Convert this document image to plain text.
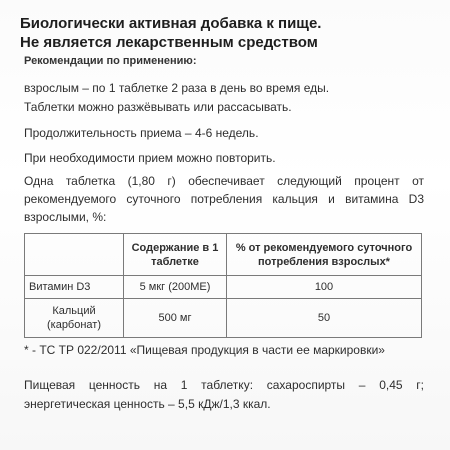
Биологически активная добавка к пище.
Не является лекарственным средством
Рекомендации по применению:
взрослым – по 1 таблетке 2 раза в день во время еды.
Таблетки можно разжёвывать или рассасывать.
Продолжительность приема – 4-6 недель.
При необходимости прием можно повторить.
Одна таблетка (1,80 г) обеспечивает следующий процент от рекомендуемого суточного потребления кальция и витамина D3 взрослыми, %:
	Содержание в 1 таблетке	% от рекомендуемого суточного потребления взрослых*
Витамин D3	5 мкг (200МЕ)	100
Кальций (карбонат)	500 мг	50
* - ТС ТР 022/2011 «Пищевая продукция в части ее маркировки»
Пищевая ценность на 1 таблетку: сахароспирты – 0,45 г; энергетическая ценность – 5,5 кДж/1,3 ккал.
